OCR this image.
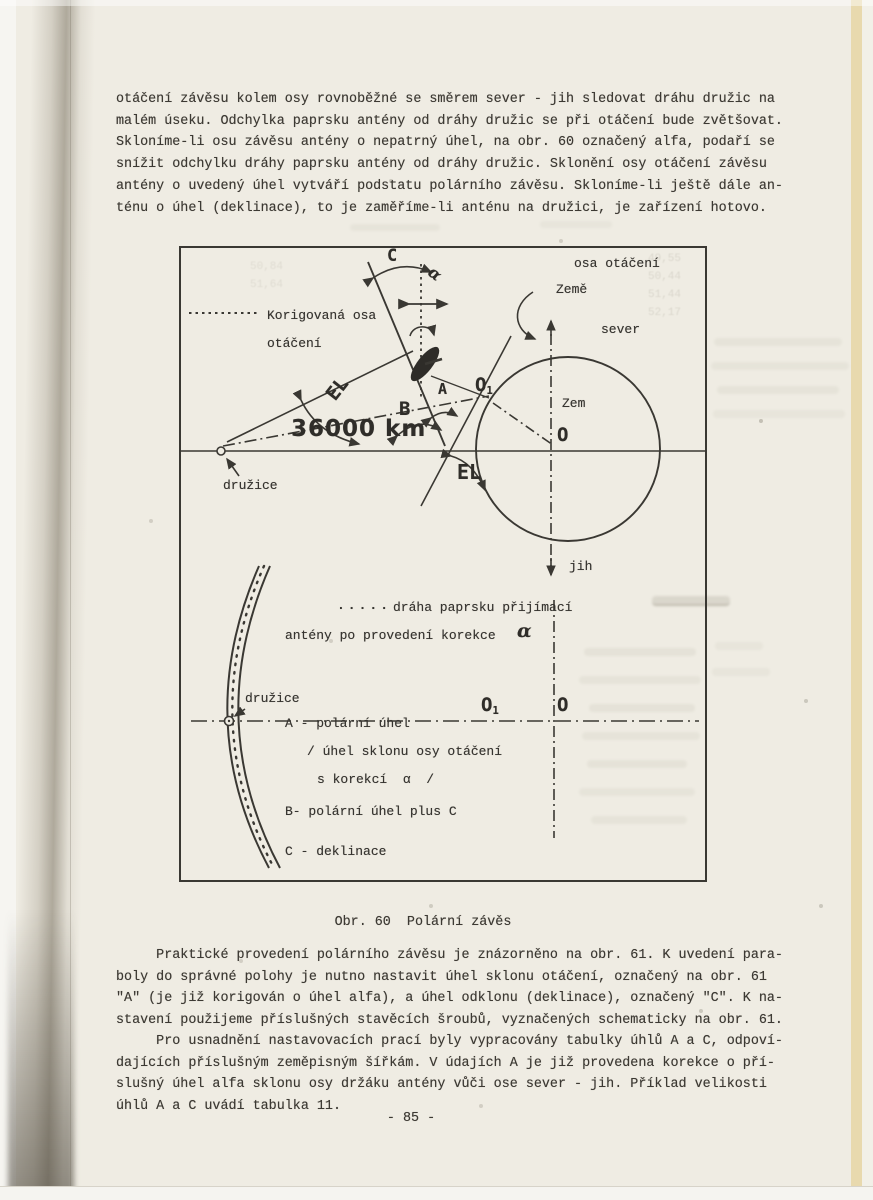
49,55
50,44
51,44
52,17
50,84
51,64
otáčení závěsu kolem osy rovnoběžné se směrem sever - jih sledovat dráhu družic na
malém úseku. Odchylka paprsku antény od dráhy družic se při otáčení bude zvětšovat.
Skloníme-li osu závěsu antény o nepatrný úhel, na obr. 60 označený alfa, podaří se
snížit odchylku dráhy paprsku antény od dráhy družic. Sklonění osy otáčení závěsu
antény o uvedený úhel vytváří podstatu polárního závěsu. Skloníme-li ještě dále an-
ténu o úhel (deklinace), to je zaměříme-li anténu na družici, je zařízení hotovo.
Korigovaná osa
otáčení
osa otáčení
Země
sever
Zem
O
$O_1$
B
A
C
α
EL
EL
36000 km
družice
jih
..... dráha paprsku přijímací
antény po provedení korekce α
družice	$O_1$	O
A - polární úhel
/ úhel sklonu osy otáčení
s korekcí  α  /
B- polární úhel plus C
C - deklinace
Obr. 60  Polární závěs
Praktické provedení polárního závěsu je znázorněno na obr. 61. K uvedení para-
boly do správné polohy je nutno nastavit úhel sklonu otáčení, označený na obr. 61
"A" (je již korigován o úhel alfa), a úhel odklonu (deklinace), označený "C". K na-
stavení použijeme příslušných stavěcích šroubů, vyznačených schematicky na obr. 61.
Pro usnadnění nastavovacích prací byly vypracovány tabulky úhlů A a C, odpoví-
dajících příslušným zeměpisným šířkám. V údajích A je již provedena korekce o pří-
slušný úhel alfa sklonu osy držáku antény vůči ose sever - jih. Příklad velikosti
úhlů A a C uvádí tabulka 11.
- 85 -
